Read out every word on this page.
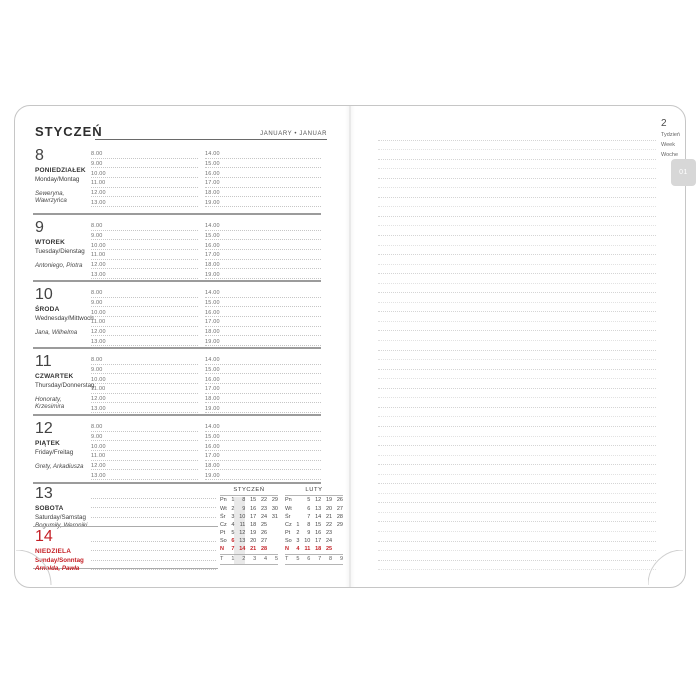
STYCZEŃ	JANUARY • JANUAR
8
PONIEDZIAŁEK
Monday/Montag
Seweryna, Wawrzyńca
8.00
9.00
10.00
11.00
12.00
13.00
14.00
15.00
16.00
17.00
18.00
19.00
9
WTOREK
Tuesday/Dienstag
Antoniego, Piotra
8.00
9.00
10.00
11.00
12.00
13.00
14.00
15.00
16.00
17.00
18.00
19.00
10
ŚRODA
Wednesday/Mittwoch
Jana, Wilhelma
8.00
9.00
10.00
11.00
12.00
13.00
14.00
15.00
16.00
17.00
18.00
19.00
11
CZWARTEK
Thursday/Donnerstag
Honoraty, Krzesimira
8.00
9.00
10.00
11.00
12.00
13.00
14.00
15.00
16.00
17.00
18.00
19.00
12
PIĄTEK
Friday/Freitag
Grety, Arkadiusza
8.00
9.00
10.00
11.00
12.00
13.00
14.00
15.00
16.00
17.00
18.00
19.00
13
SOBOTA
Saturday/Samstag
Bogumiły, Weroniki
14
NIEDZIELA
Sunday/Sonntag
Arnolda, Pawła
STYCZEŃ
Pn	1	8	15	22	29
Wt	2	9	16	23	30
Śr	3	10	17	24	31
Cz	4	11	18	25	
Pt	5	12	19	26	
So	6	13	20	27	
N	7	14	21	28	
T	1	2	3	4	5
LUTY
Pn		5	12	19	26
Wt		6	13	20	27
Śr		7	14	21	28
Cz	1	8	15	22	29
Pt	2	9	16	23	
So	3	10	17	24	
N	4	11	18	25	
T	5	6	7	8	9
2
Tydzień
Week
Woche
01
